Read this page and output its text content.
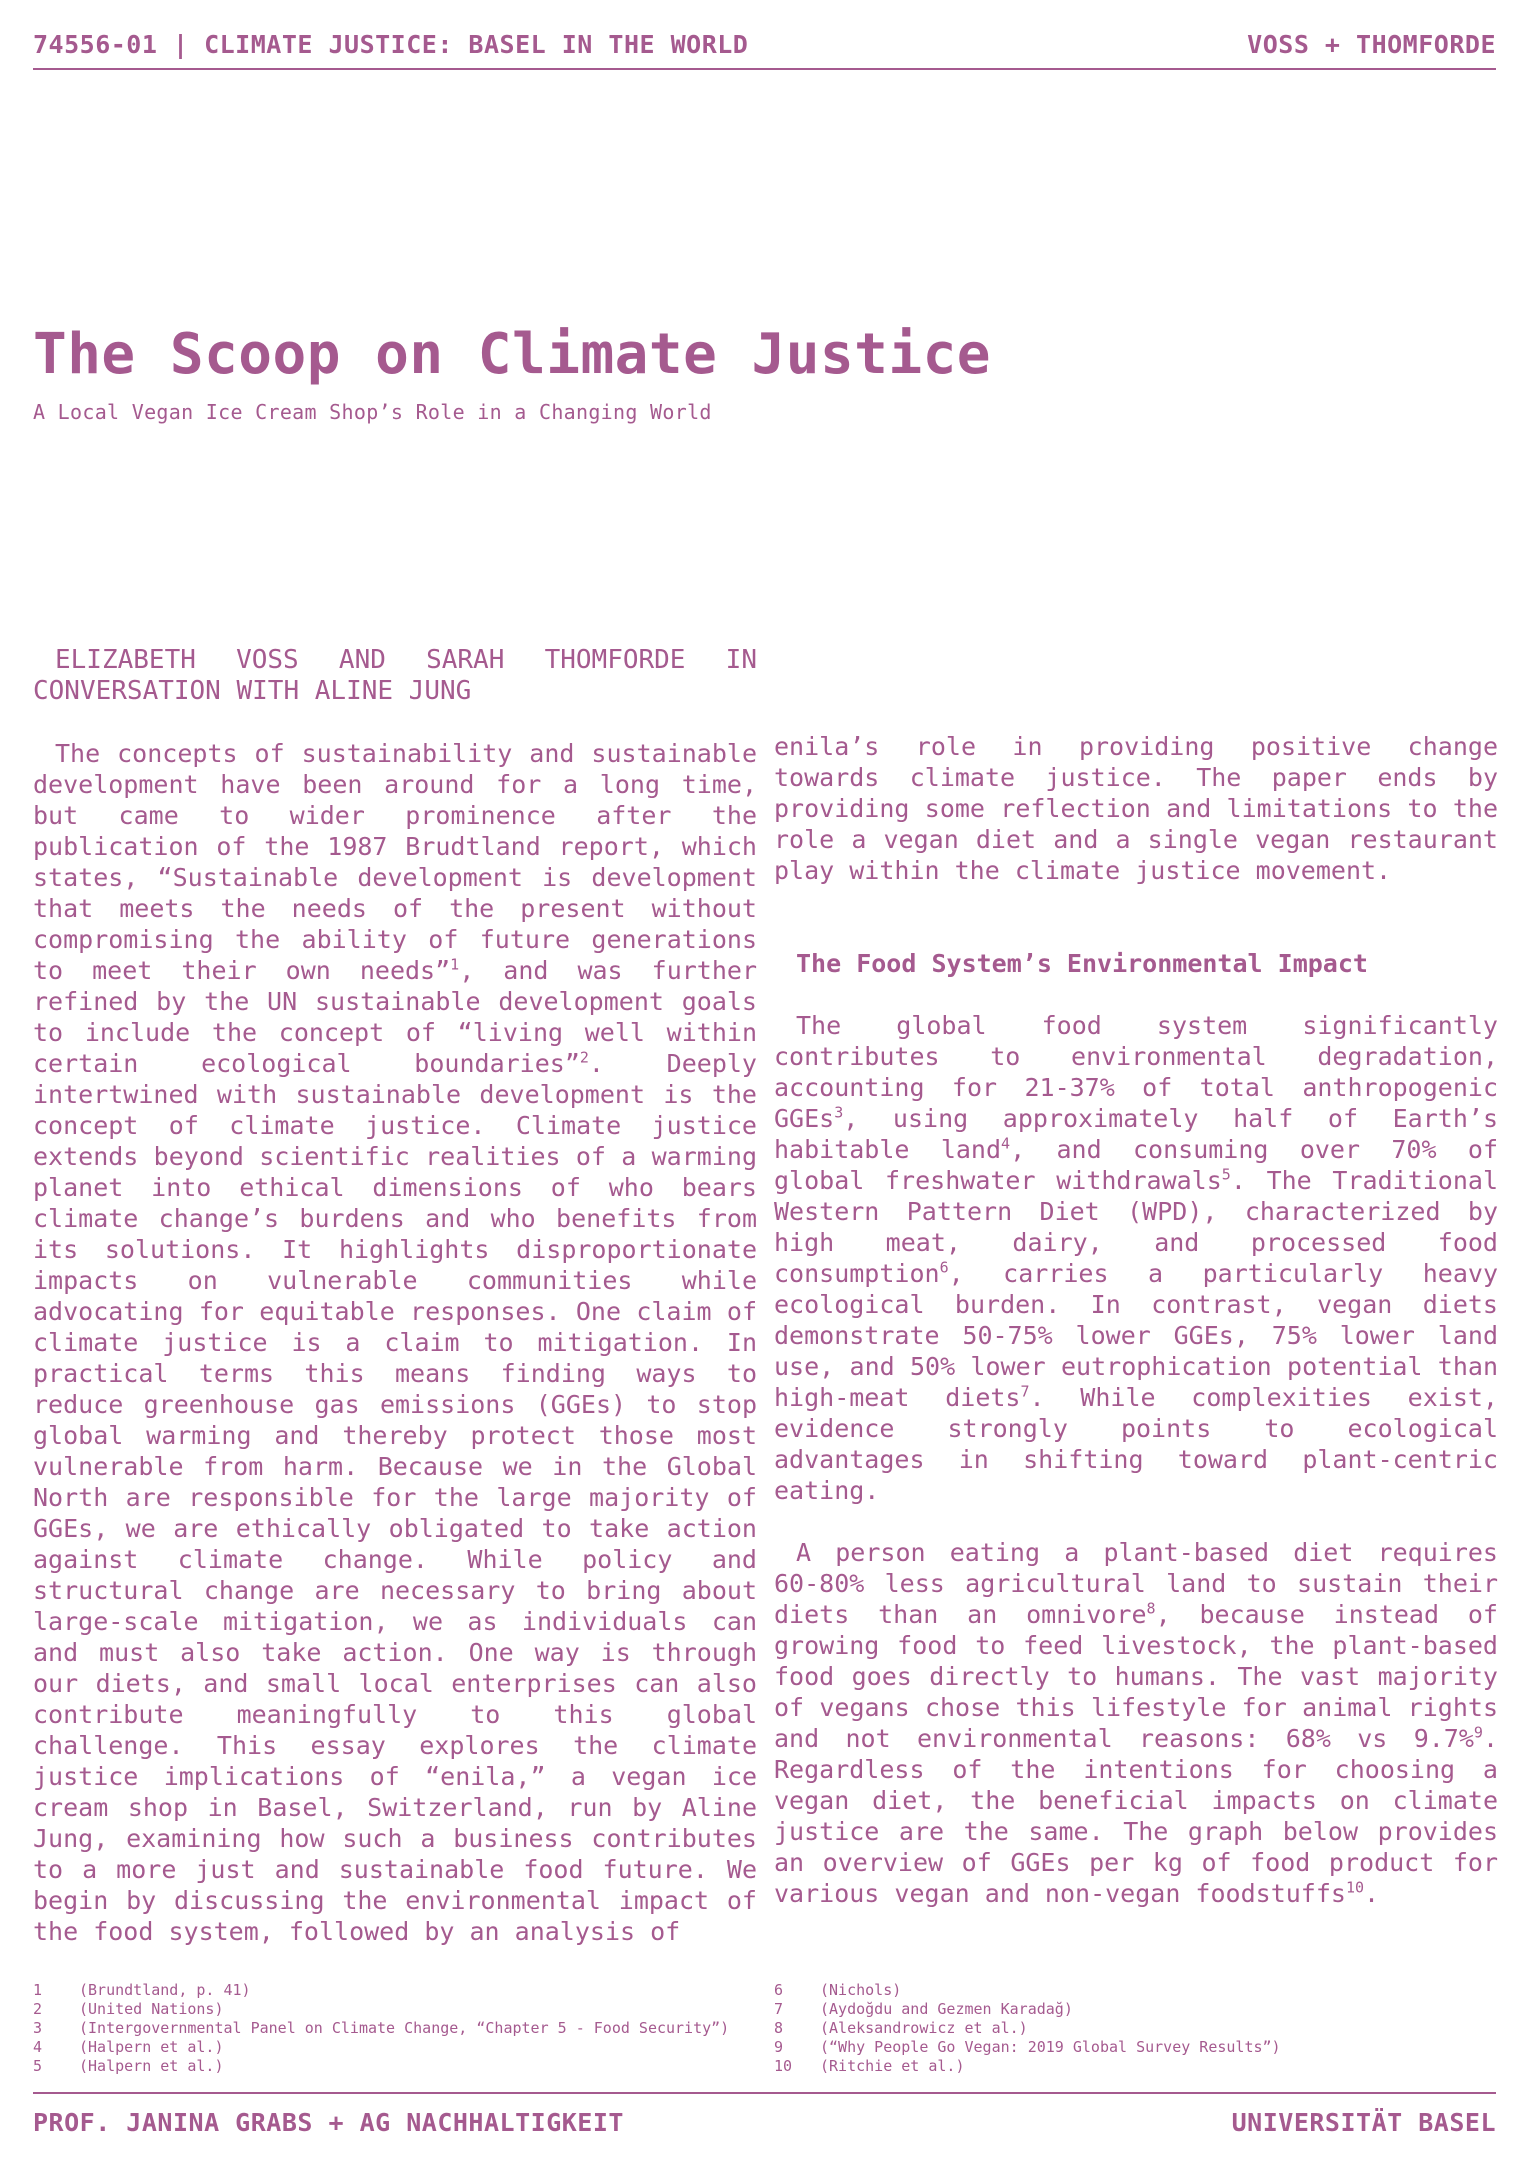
74556-01 | CLIMATE JUSTICE: BASEL IN THE WORLD	VOSS + THOMFORDE
The Scoop on Climate Justice
A Local Vegan Ice Cream Shop’s Role in a Changing World
ELIZABETH VOSS AND SARAH THOMFORDE IN CONVERSATION WITH ALINE JUNG

The concepts of sustainability and sustainable development have been around for a long time, but came to wider prominence after the publication of the 1987 Brudtland report, which states, “Sustainable development is development that meets the needs of the present without compromising the ability of future generations to meet their own needs”$^1$, and was further refined by the UN sustainable development goals to include the concept of “living well within certain ecological boundaries”$^2$. Deeply intertwined with sustainable development is the concept of climate justice. Climate justice extends beyond scientific realities of a warming planet into ethical dimensions of who bears climate change’s burdens and who benefits from its solutions. It highlights disproportionate impacts on vulnerable communities while advocating for equitable responses. One claim of climate justice is a claim to mitigation. In practical terms this means finding ways to reduce greenhouse gas emissions (GGEs) to stop global warming and thereby protect those most vulnerable from harm. Because we in the Global North are responsible for the large majority of GGEs, we are ethically obligated to take action against climate change. While policy and structural change are necessary to bring about large-scale mitigation, we as individuals can and must also take action. One way is through our diets, and small local enterprises can also contribute meaningfully to this global challenge. This essay explores the climate justice implications of “enila,” a vegan ice cream shop in Basel, Switzerland, run by Aline Jung, examining how such a business contributes to a more just and sustainable food future. We begin by discussing the environmental impact of the food system, followed by an analysis of

enila’s role in providing positive change towards climate justice. The paper ends by providing some reflection and limitations to the role a vegan diet and a single vegan restaurant play within the climate justice movement.

The Food System’s Environmental Impact

The global food system significantly contributes to environmental degradation, accounting for 21-37% of total anthropogenic GGEs$^3$, using approximately half of Earth’s habitable land$^4$, and consuming over 70% of global freshwater withdrawals$^5$. The Traditional Western Pattern Diet (WPD), characterized by high meat, dairy, and processed food consumption$^6$, carries a particularly heavy ecological burden. In contrast, vegan diets demonstrate 50-75% lower GGEs, 75% lower land use, and 50% lower eutrophication potential than high-meat diets$^7$. While complexities exist, evidence strongly points to ecological advantages in shifting toward plant-centric eating.

A person eating a plant-based diet requires 60-80% less agricultural land to sustain their diets than an omnivore$^8$, because instead of growing food to feed livestock, the plant-based food goes directly to humans. The vast majority of vegans chose this lifestyle for animal rights and not environmental reasons: 68% vs 9.7%$^9$. Regardless of the intentions for choosing a vegan diet, the beneficial impacts on climate justice are the same. The graph below provides an overview of GGEs per kg of food product for various vegan and non-vegan foodstuffs$^{10}$.

1	(Brundtland, p. 41)
2	(United Nations)
3	(Intergovernmental Panel on Climate Change, “Chapter 5 - Food Security”)
4	(Halpern et al.)
5	(Halpern et al.)
6	(Nichols)
7	(Aydoğdu and Gezmen Karadağ)
8	(Aleksandrowicz et al.)
9	(“Why People Go Vegan: 2019 Global Survey Results”)
10	(Ritchie et al.)
PROF. JANINA GRABS + AG NACHHALTIGKEIT	UNIVERSITÄT BASEL
